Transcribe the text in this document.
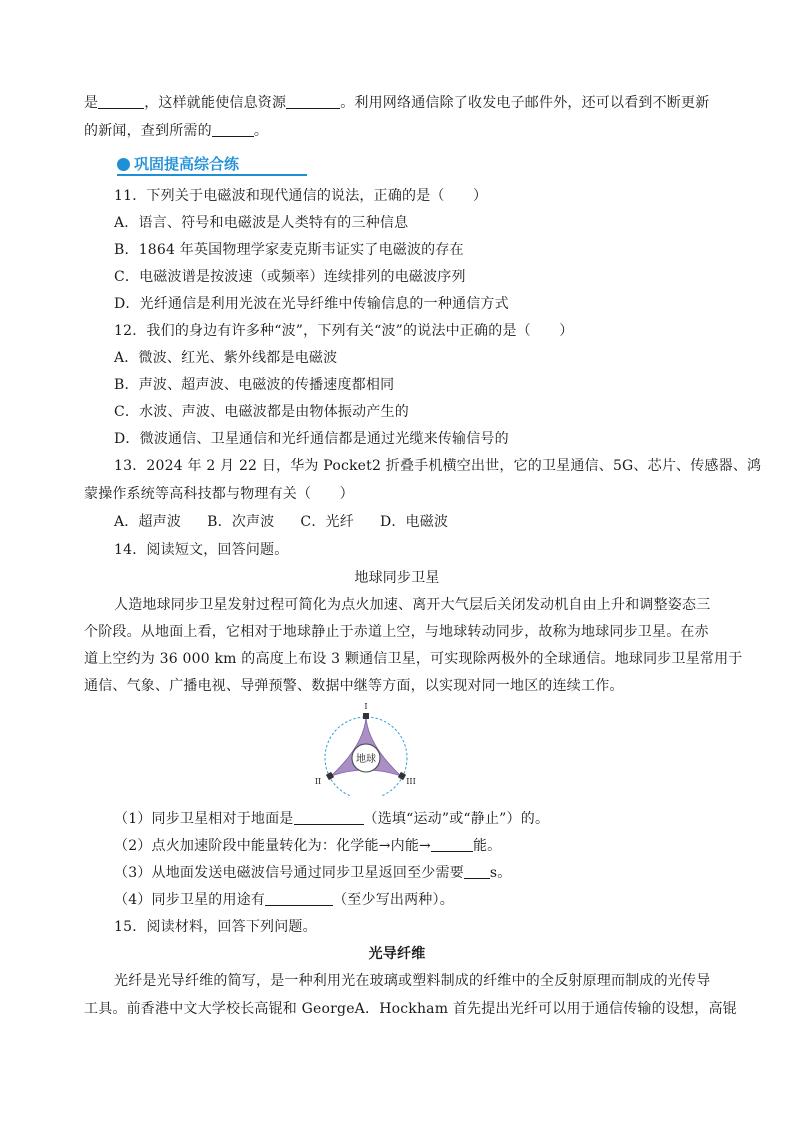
是	，这样就能使信息资源	。利用网络通信除了收发电子邮件外，还可以看到不断更新
的新闻，查到所需的	。
巩固提高综合练
11．下列关于电磁波和现代通信的说法，正确的是（　　）
A．语言、符号和电磁波是人类特有的三种信息
B．1864 年英国物理学家麦克斯韦证实了电磁波的存在
C．电磁波谱是按波速（或频率）连续排列的电磁波序列
D．光纤通信是利用光波在光导纤维中传输信息的一种通信方式
12．我们的身边有许多种“波”，下列有关“波”的说法中正确的是（　　）
A．微波、红光、紫外线都是电磁波
B．声波、超声波、电磁波的传播速度都相同
C．水波、声波、电磁波都是由物体振动产生的
D．微波通信、卫星通信和光纤通信都是通过光缆来传输信号的
13．2024 年 2 月 22 日，华为 Pocket2 折叠手机横空出世，它的卫星通信、5G、芯片、传感器、鸿
蒙操作系统等高科技都与物理有关（　　）
A．超声波 B．次声波 C．光纤 D．电磁波
14．阅读短文，回答问题。
地球同步卫星
人造地球同步卫星发射过程可简化为点火加速、离开大气层后关闭发动机自由上升和调整姿态三
个阶段。从地面上看，它相对于地球静止于赤道上空，与地球转动同步，故称为地球同步卫星。在赤
道上空约为 36 000 km 的高度上布设 3 颗通信卫星，可实现除两极外的全球通信。地球同步卫星常用于
通信、气象、广播电视、导弹预警、数据中继等方面，以实现对同一地区的连续工作。
地球
I
II	III
（1）同步卫星相对于地面是	（选填“运动”或“静止”）的。
（2）点火加速阶段中能量转化为：化学能→内能→	能。
（3）从地面发送电磁波信号通过同步卫星返回至少需要 s。
（4）同步卫星的用途有	（至少写出两种）。
15．阅读材料，回答下列问题。
光导纤维
光纤是光导纤维的简写，是一种利用光在玻璃或塑料制成的纤维中的全反射原理而制成的光传导
工具。前香港中文大学校长高锟和 GeorgeA．Hockham 首先提出光纤可以用于通信传输的设想，高锟
